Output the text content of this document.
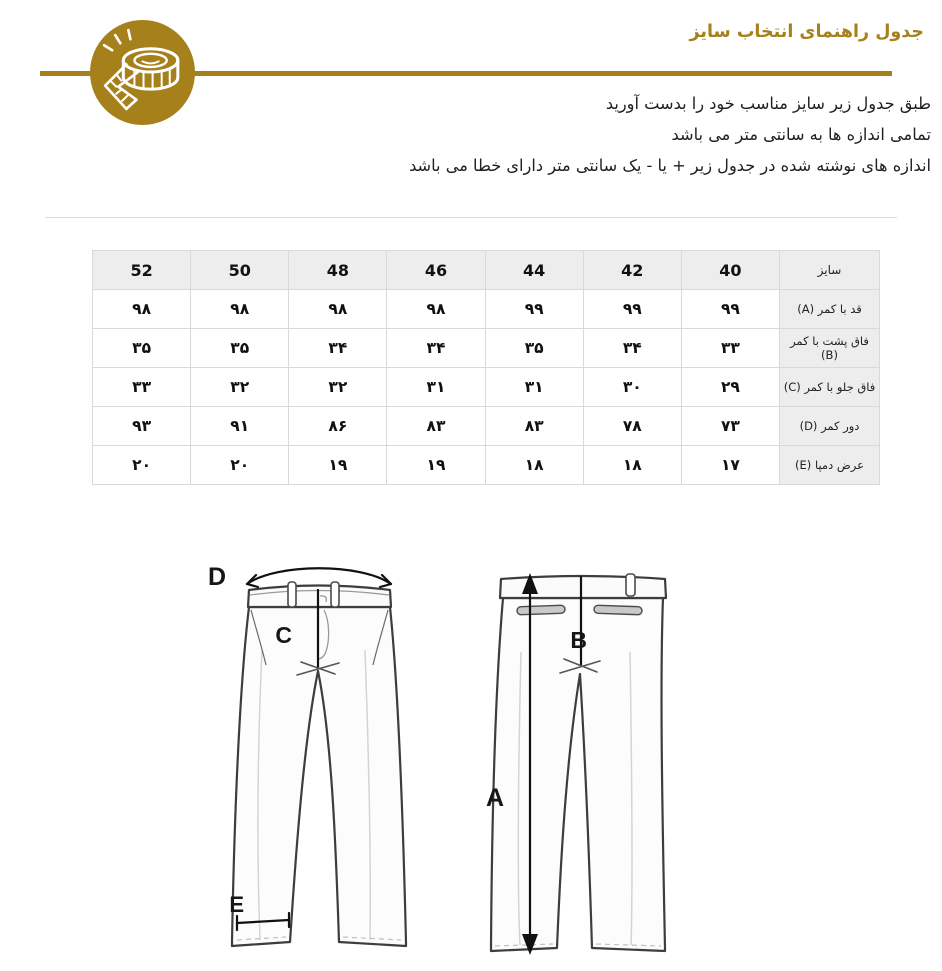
جدول راهنمای انتخاب سایز
طبق جدول زیر سایز مناسب خود را بدست آورید
تمامی اندازه ها به سانتی متر می باشد
اندازه های نوشته شده در جدول زیر + یا - یک سانتی متر دارای خطا می باشد
سایز	40	42	44	46	48	50	52
قد با کمر (A)	۹۹	۹۹	۹۹	۹۸	۹۸	۹۸	۹۸
فاق پشت با کمر (B)	۳۳	۳۴	۳۵	۳۴	۳۴	۳۵	۳۵
فاق جلو با کمر (C)	۲۹	۳۰	۳۱	۳۱	۳۲	۳۲	۳۳
دور کمر (D)	۷۳	۷۸	۸۳	۸۳	۸۶	۹۱	۹۳
عرض دمپا (E)	۱۷	۱۸	۱۸	۱۹	۱۹	۲۰	۲۰
D
C
E
A
B
